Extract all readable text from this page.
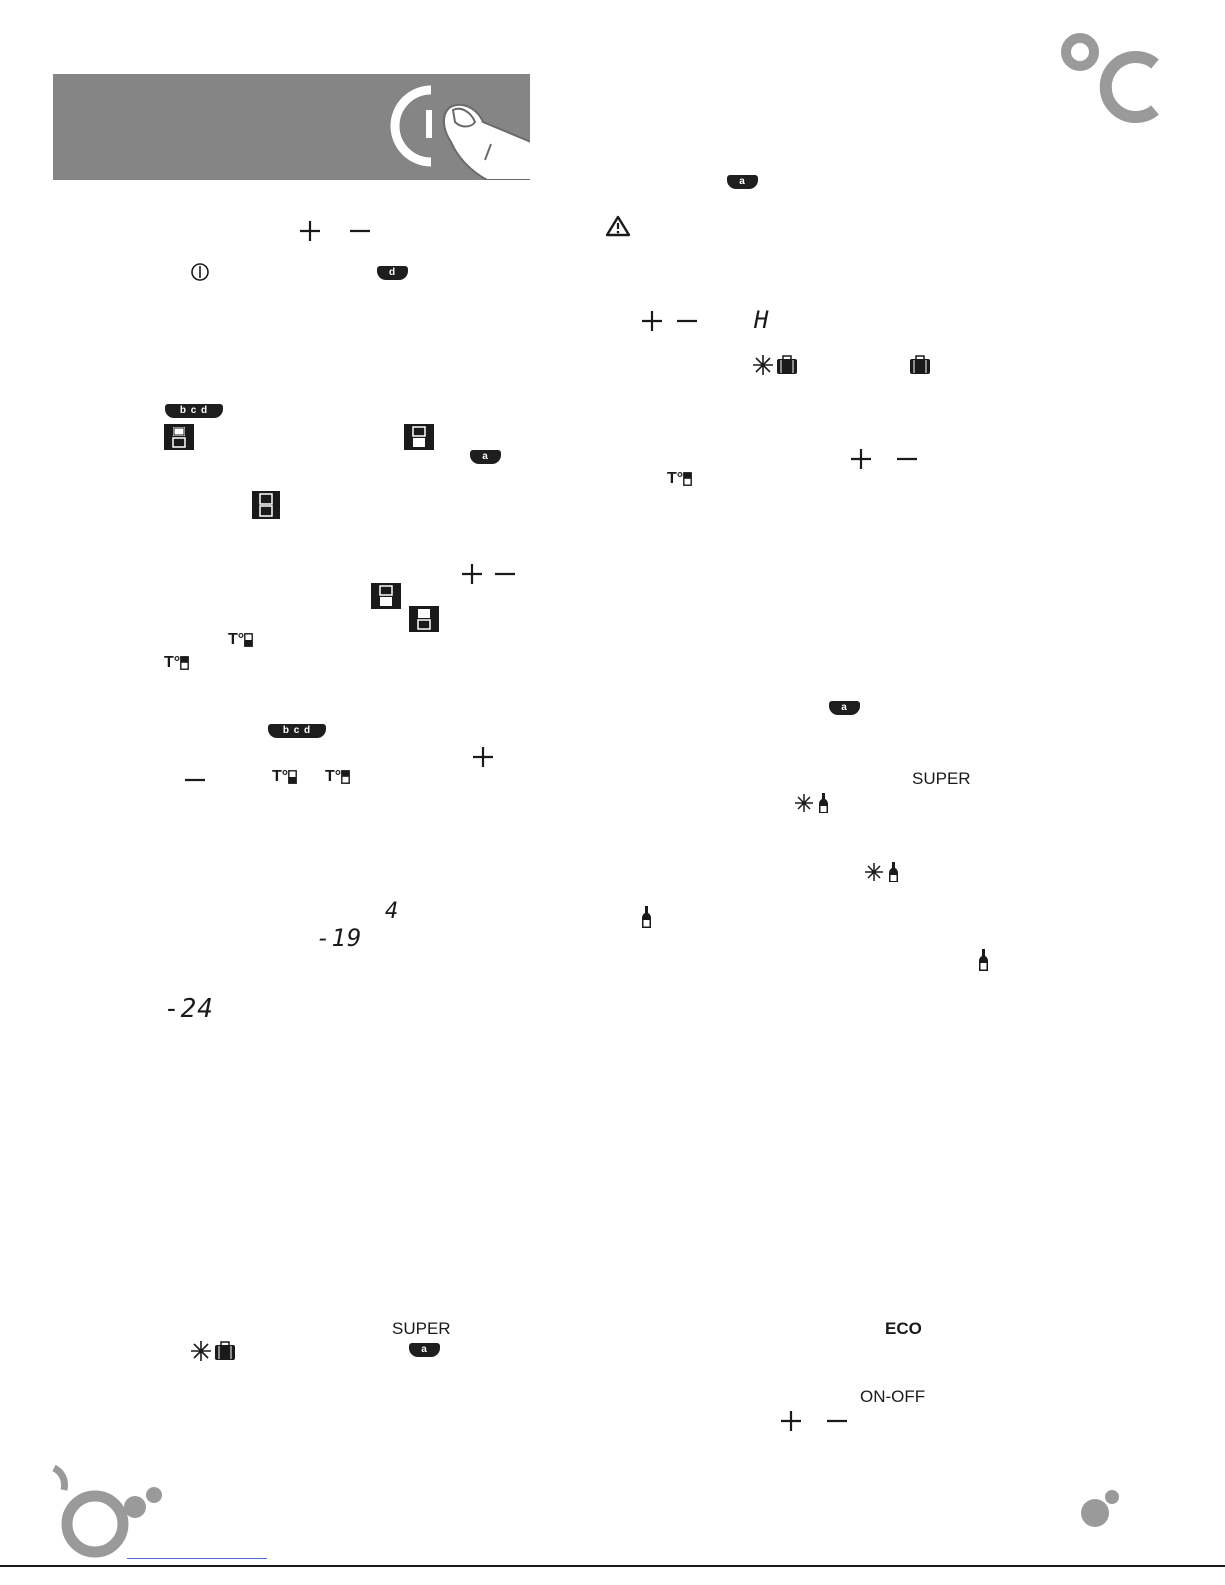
d
b c d
a
T°
T°
b c d
T° T°
4
-19
-24
SUPER
a
a
H
T°
a
SUPER
ECO
ON-OFF
